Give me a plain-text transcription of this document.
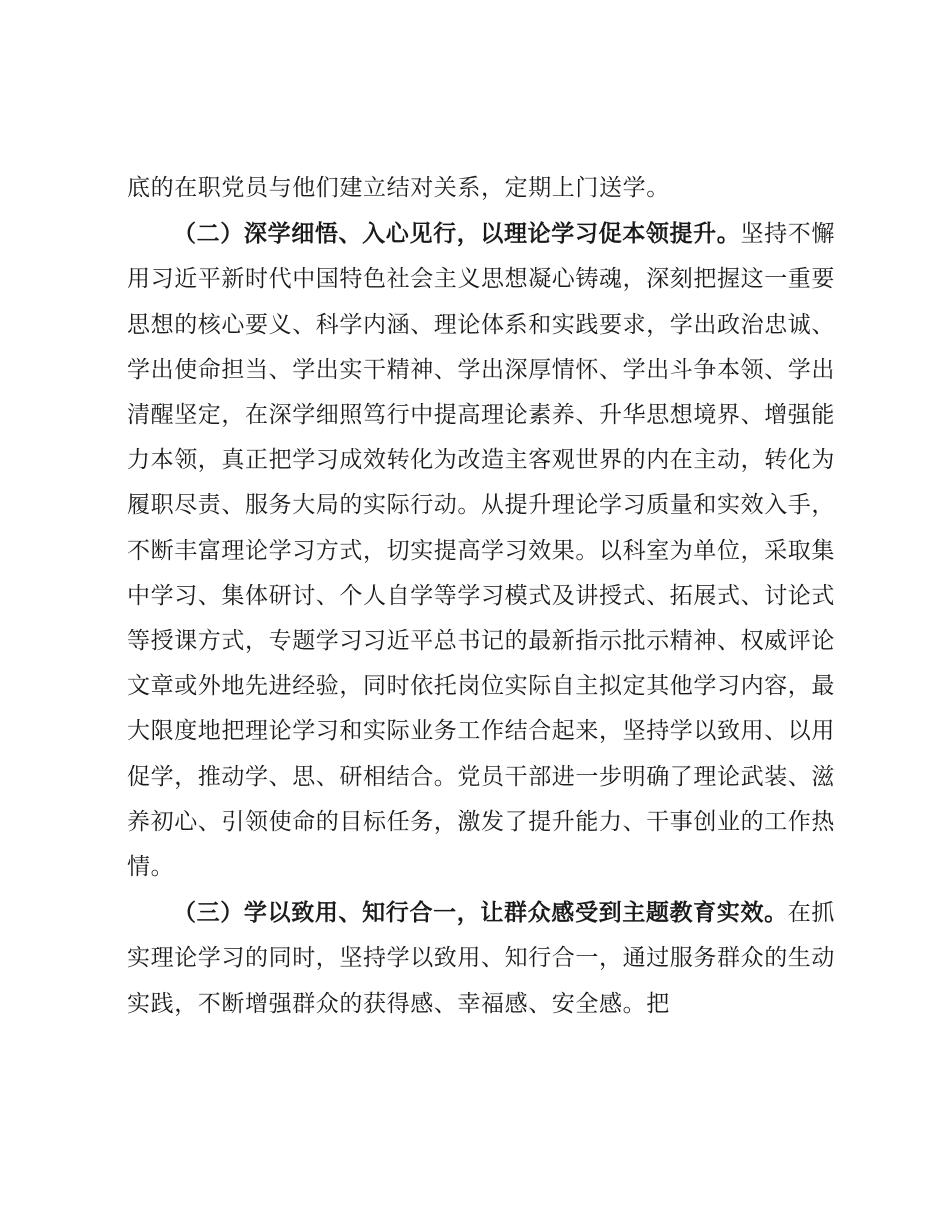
底的在职党员与他们建立结对关系，定期上门送学。

（二）深学细悟、入心见行，以理论学习促本领提升。坚持不懈用习近平新时代中国特色社会主义思想凝心铸魂，深刻把握这一重要思想的核心要义、科学内涵、理论体系和实践要求，学出政治忠诚、学出使命担当、学出实干精神、学出深厚情怀、学出斗争本领、学出清醒坚定，在深学细照笃行中提高理论素养、升华思想境界、增强能力本领，真正把学习成效转化为改造主客观世界的内在主动，转化为履职尽责、服务大局的实际行动。从提升理论学习质量和实效入手，不断丰富理论学习方式，切实提高学习效果。以科室为单位，采取集中学习、集体研讨、个人自学等学习模式及讲授式、拓展式、讨论式等授课方式，专题学习习近平总书记的最新指示批示精神、权威评论文章或外地先进经验，同时依托岗位实际自主拟定其他学习内容，最大限度地把理论学习和实际业务工作结合起来，坚持学以致用、以用促学，推动学、思、研相结合。党员干部进一步明确了理论武装、滋养初心、引领使命的目标任务，激发了提升能力、干事创业的工作热情。

（三）学以致用、知行合一，让群众感受到主题教育实效。在抓实理论学习的同时，坚持学以致用、知行合一，通过服务群众的生动实践，不断增强群众的获得感、幸福感、安全感。把
